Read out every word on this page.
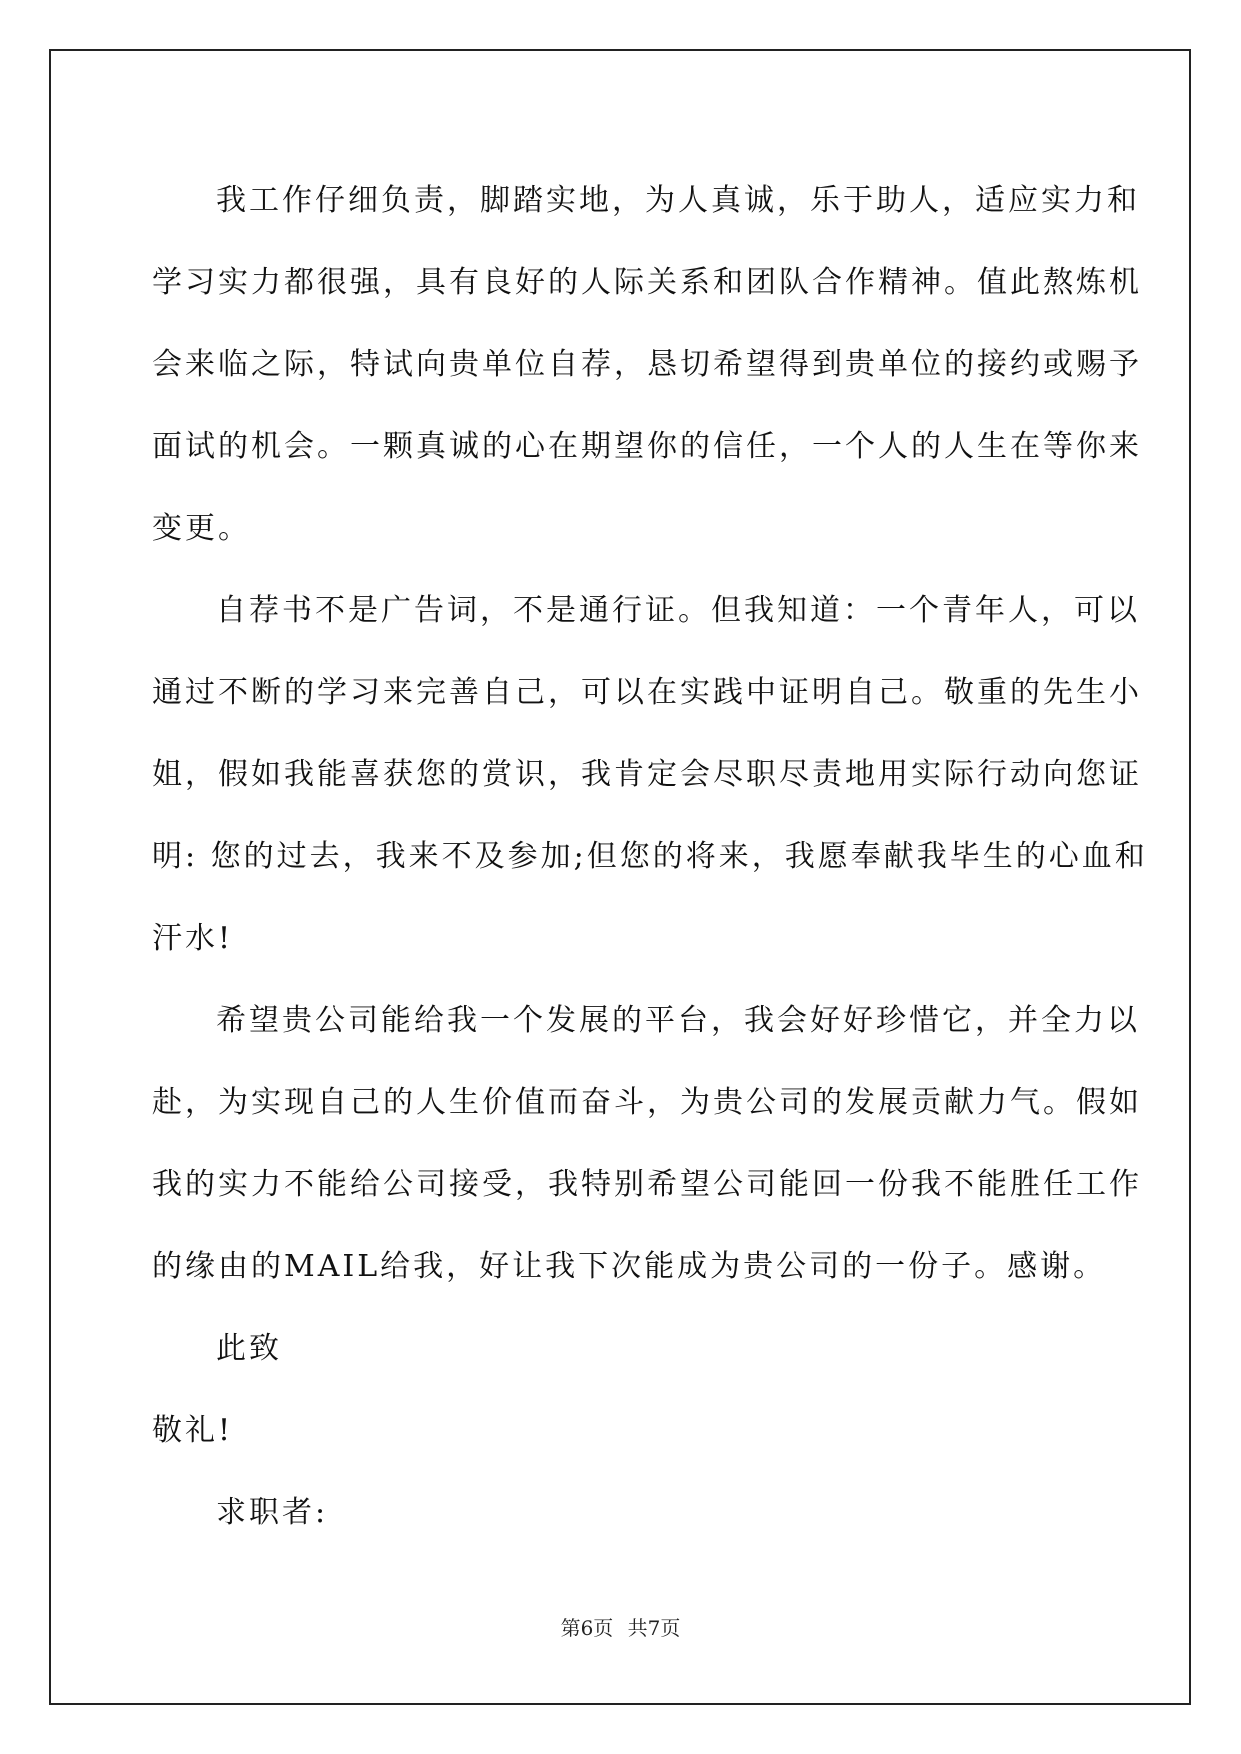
我工作仔细负责，脚踏实地，为人真诚，乐于助人，适应实力和
学习实力都很强，具有良好的人际关系和团队合作精神。值此熬炼机
会来临之际，特试向贵单位自荐，恳切希望得到贵单位的接约或赐予
面试的机会。一颗真诚的心在期望你的信任，一个人的人生在等你来
变更。
自荐书不是广告词，不是通行证。但我知道：一个青年人，可以
通过不断的学习来完善自己，可以在实践中证明自己。敬重的先生小
姐，假如我能喜获您的赏识，我肯定会尽职尽责地用实际行动向您证
明: 您的过去，我来不及参加;但您的将来，我愿奉献我毕生的心血和
汗水!
希望贵公司能给我一个发展的平台，我会好好珍惜它，并全力以
赴，为实现自己的人生价值而奋斗，为贵公司的发展贡献力气。假如
我的实力不能给公司接受，我特别希望公司能回一份我不能胜任工作
的缘由的MAIL给我，好让我下次能成为贵公司的一份子。感谢。
此致
敬礼!
求职者:
第6页 共7页
